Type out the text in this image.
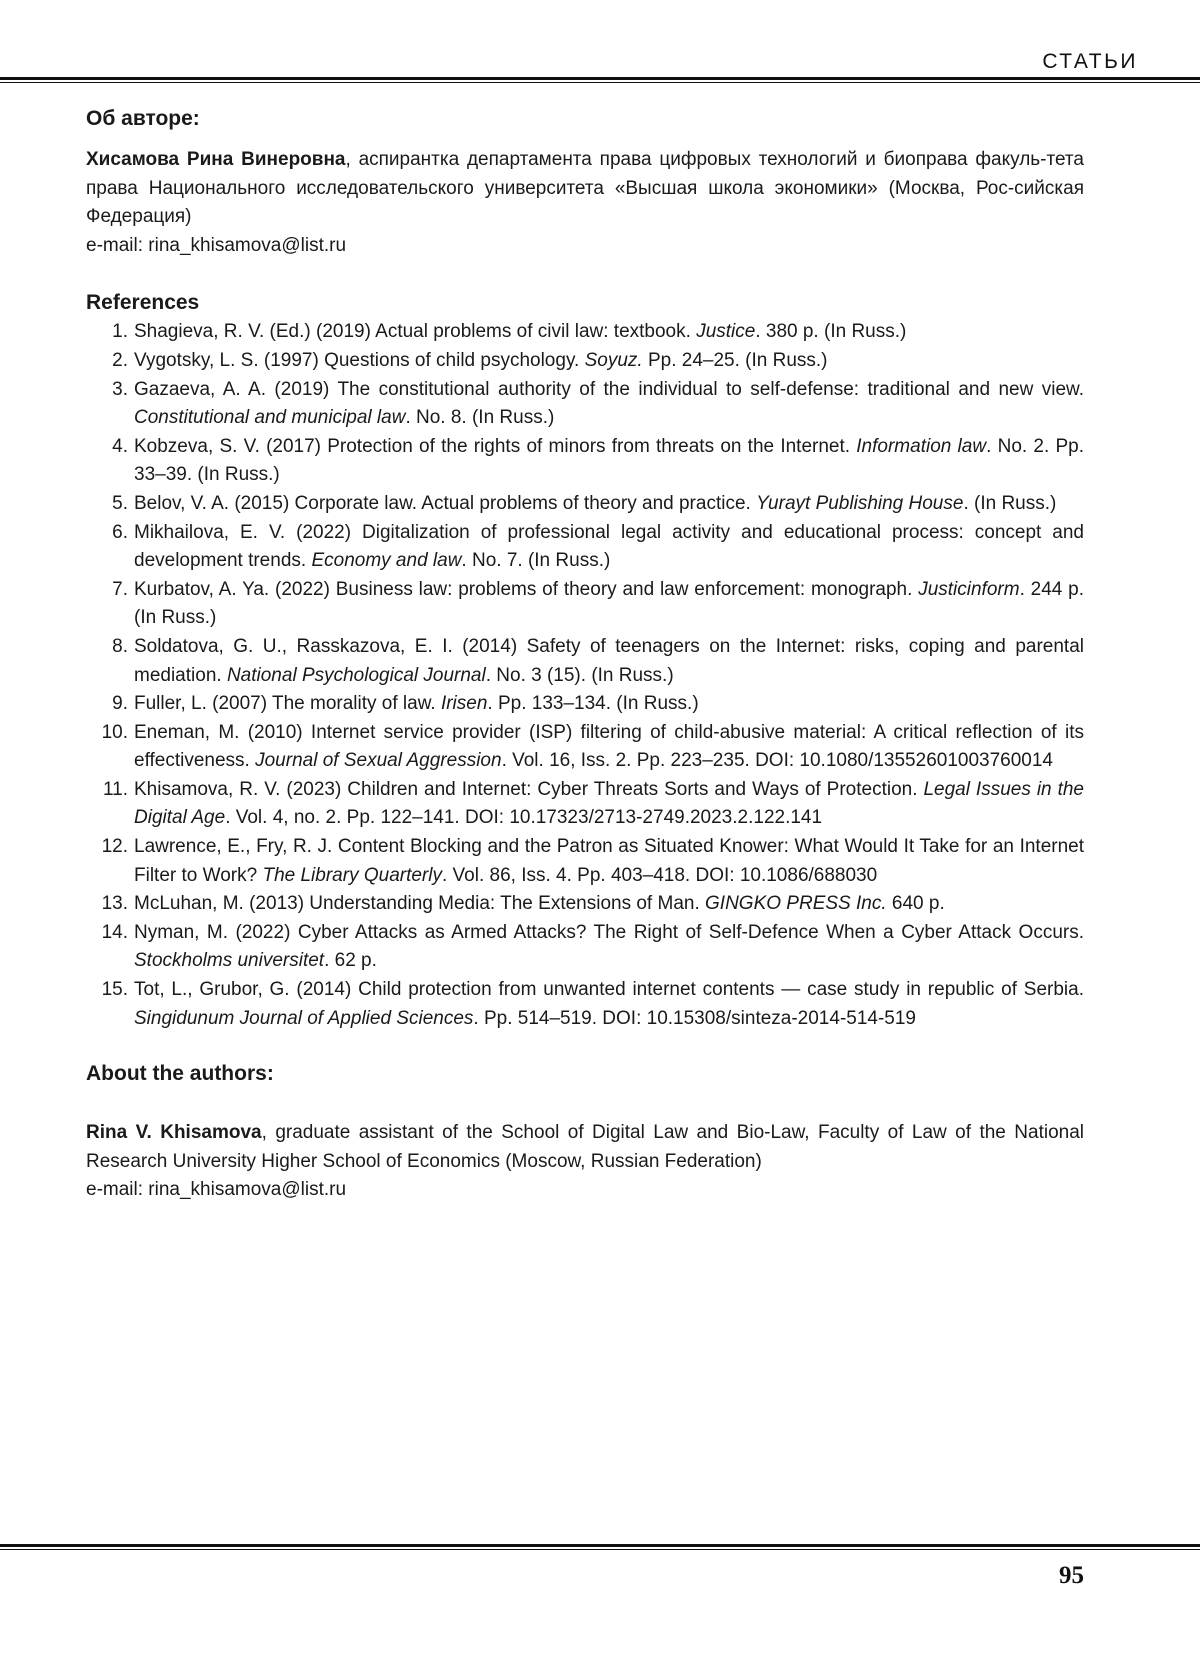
СТАТЬИ
Об авторе:

Хисамова Рина Винеровна, аспирантка департамента права цифровых технологий и биоправа факуль-тета права Национального исследовательского университета «Высшая школа экономики» (Москва, Рос-сийская Федерация)

e-mail: rina_khisamova@list.ru

References
1. Shagieva, R. V. (Ed.) (2019) Actual problems of civil law: textbook. Justice. 380 p. (In Russ.)
2. Vygotsky, L. S. (1997) Questions of child psychology. Soyuz. Pp. 24–25. (In Russ.)
3. Gazaeva, A. A. (2019) The constitutional authority of the individual to self-defense: traditional and new view. Constitutional and municipal law. No. 8. (In Russ.)
4. Kobzeva, S. V. (2017) Protection of the rights of minors from threats on the Internet. Information law. No. 2. Pp. 33–39. (In Russ.)
5. Belov, V. A. (2015) Corporate law. Actual problems of theory and practice. Yurayt Publishing House. (In Russ.)
6. Mikhailova, E. V. (2022) Digitalization of professional legal activity and educational process: concept and development trends. Economy and law. No. 7. (In Russ.)
7. Kurbatov, A. Ya. (2022) Business law: problems of theory and law enforcement: monograph. Justicinform. 244 p. (In Russ.)
8. Soldatova, G. U., Rasskazova, E. I. (2014) Safety of teenagers on the Internet: risks, coping and parental mediation. National Psychological Journal. No. 3 (15). (In Russ.)
9. Fuller, L. (2007) The morality of law. Irisen. Pp. 133–134. (In Russ.)
10. Eneman, M. (2010) Internet service provider (ISP) filtering of child-abusive material: A critical reflection of its effectiveness. Journal of Sexual Aggression. Vol. 16, Iss. 2. Pp. 223–235. DOI: 10.1080/13552601003760014
11. Khisamova, R. V. (2023) Children and Internet: Cyber Threats Sorts and Ways of Protection. Legal Issues in the Digital Age. Vol. 4, no. 2. Pp. 122–141. DOI: 10.17323/2713-2749.2023.2.122.141
12. Lawrence, E., Fry, R. J. Content Blocking and the Patron as Situated Knower: What Would It Take for an Internet Filter to Work? The Library Quarterly. Vol. 86, Iss. 4. Pp. 403–418. DOI: 10.1086/688030
13. McLuhan, M. (2013) Understanding Media: The Extensions of Man. GINGKO PRESS Inc. 640 p.
14. Nyman, M. (2022) Cyber Attacks as Armed Attacks? The Right of Self-Defence When a Cyber Attack Occurs. Stockholms universitet. 62 p.
15. Tot, L., Grubor, G. (2014) Child protection from unwanted internet contents — case study in republic of Serbia. Singidunum Journal of Applied Sciences. Pp. 514–519. DOI: 10.15308/sinteza-2014-514-519
About the authors:

Rina V. Khisamova, graduate assistant of the School of Digital Law and Bio-Law, Faculty of Law of the National Research University Higher School of Economics (Moscow, Russian Federation)

e-mail: rina_khisamova@list.ru

95
